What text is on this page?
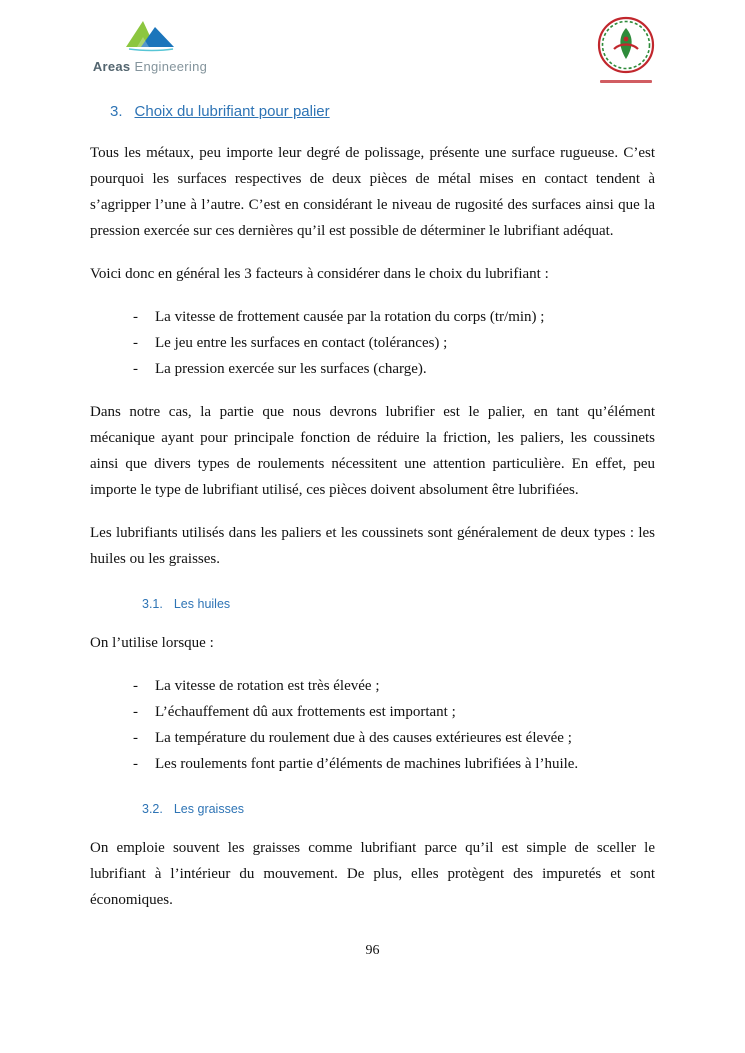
Areas Engineering
3. Choix du lubrifiant pour palier

Tous les métaux, peu importe leur degré de polissage, présente une surface rugueuse. C’est pourquoi les surfaces respectives de deux pièces de métal mises en contact tendent à s’agripper l’une à l’autre. C’est en considérant le niveau de rugosité des surfaces ainsi que la pression exercée sur ces dernières qu’il est possible de déterminer le lubrifiant adéquat.

Voici donc en général les 3 facteurs à considérer dans le choix du lubrifiant :

-	La vitesse de frottement causée par la rotation du corps (tr/min) ;
-	Le jeu entre les surfaces en contact (tolérances) ;
-	La pression exercée sur les surfaces (charge).

Dans notre cas, la partie que nous devrons lubrifier est le palier, en tant qu’élément mécanique ayant pour principale fonction de réduire la friction, les paliers, les coussinets ainsi que divers types de roulements nécessitent une attention particulière. En effet, peu importe le type de lubrifiant utilisé, ces pièces doivent absolument être lubrifiées.

Les lubrifiants utilisés dans les paliers et les coussinets sont généralement de deux types : les huiles ou les graisses.

3.1. Les huiles

On l’utilise lorsque :

-	La vitesse de rotation est très élevée ;
-	L’échauffement dû aux frottements est important ;
-	La température du roulement due à des causes extérieures est élevée ;
-	Les roulements font partie d’éléments de machines lubrifiées à l’huile.
3.2. Les graisses

On emploie souvent les graisses comme lubrifiant parce qu’il est simple de sceller le lubrifiant à l’intérieur du mouvement. De plus, elles protègent des impuretés et sont économiques.

96
